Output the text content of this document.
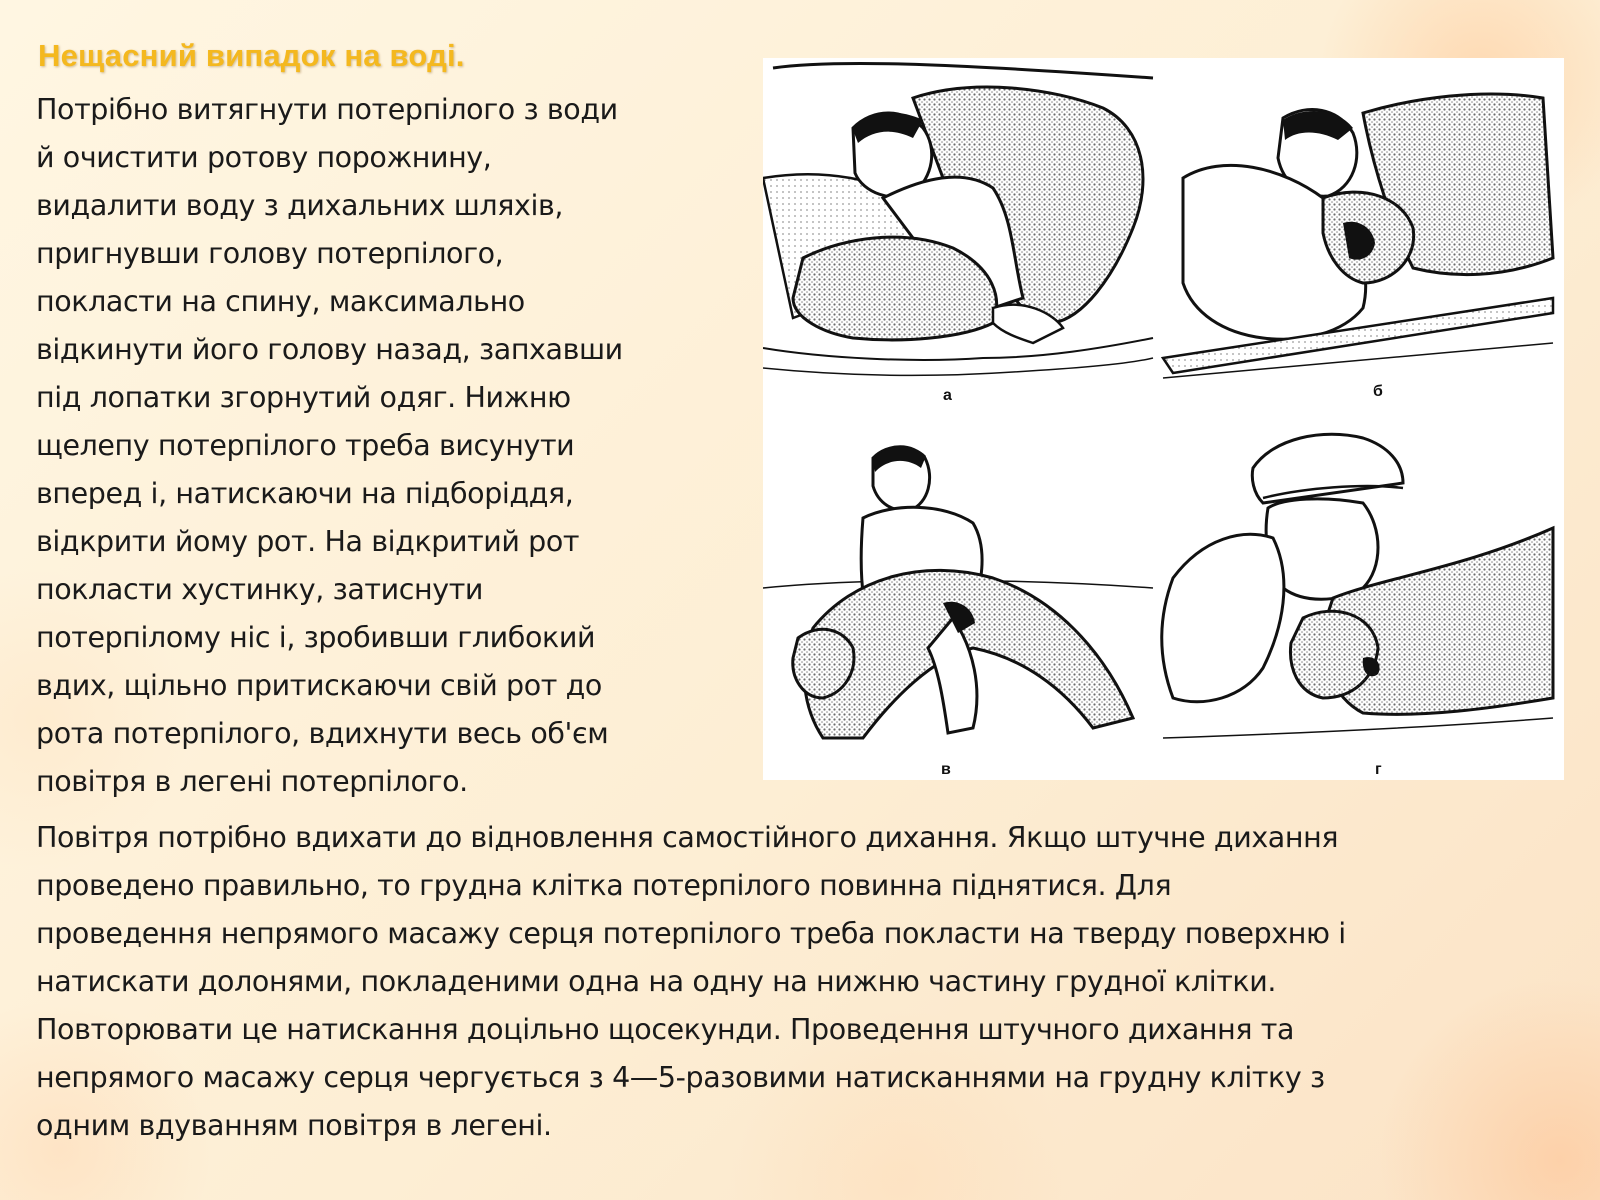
Нещасний випадок на воді.
Потрібно витягнути потерпілого з води
й очистити ротову порожнину,
видалити воду з дихальних шляхів,
пригнувши голову потерпілого,
покласти на спину, максимально
відкинути його голову назад, запхавши
під лопатки згорнутий одяг. Нижню
щелепу потерпілого треба висунути
вперед і, натискаючи на підборіддя,
відкрити йому рот. На відкритий рот
покласти хустинку, затиснути
потерпілому ніс і, зробивши глибокий
вдих, щільно притискаючи свій рот до
рота потерпілого, вдихнути весь об'єм
повітря в легені потерпілого.
а	б
в	г
Повітря потрібно вдихати до відновлення самостійного дихання. Якщо штучне дихання
проведено правильно, то грудна клітка потерпілого повинна піднятися. Для
проведення непрямого масажу серця потерпілого треба покласти на тверду поверхню і
натискати долонями, покладеними одна на одну на нижню частину грудної клітки.
Повторювати це натискання доцільно щосекунди. Проведення штучного дихання та
непрямого масажу серця чергується з 4—5-разовими натисканнями на грудну клітку з
одним вдуванням повітря в легені.
